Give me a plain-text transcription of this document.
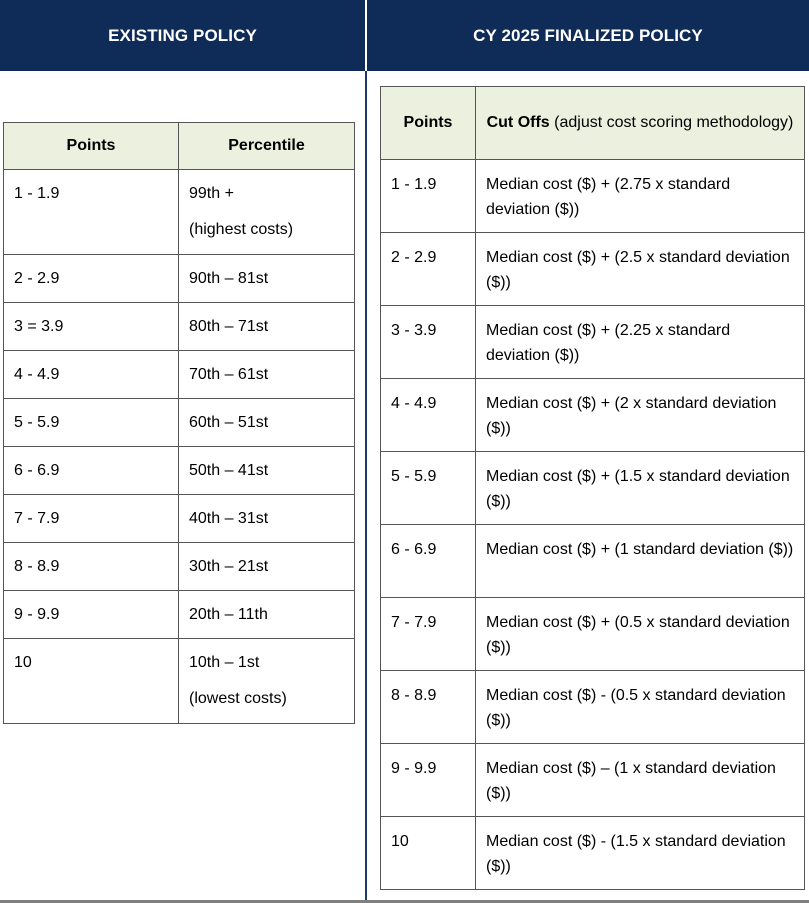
EXISTING POLICY	CY 2025 FINALIZED POLICY
Points	Percentile

1 - 1.9	99th +
(highest costs)

2 - 2.9	90th – 81st

3 = 3.9	80th – 71st

4 - 4.9	70th – 61st

5 - 5.9	60th – 51st

6 - 6.9	50th – 41st

7 - 7.9	40th – 31st

8 - 8.9	30th – 21st

9 - 9.9	20th – 11th

10	10th – 1st
(lowest costs)
Points	Cut Offs (adjust cost scoring methodology)

1 - 1.9	Median cost ($) + (2.75 x standard deviation ($))

2 - 2.9	Median cost ($) + (2.5 x standard deviation ($))

3 - 3.9	Median cost ($) + (2.25 x standard deviation ($))

4 - 4.9	Median cost ($) + (2 x standard deviation ($))

5 - 5.9	Median cost ($) + (1.5 x standard deviation ($))

6 - 6.9	Median cost ($) + (1 standard deviation ($))

7 - 7.9	Median cost ($) + (0.5 x standard deviation ($))

8 - 8.9	Median cost ($) - (0.5 x standard deviation ($))

9 - 9.9	Median cost ($) – (1 x standard deviation ($))

10	Median cost ($) - (1.5 x standard deviation ($))
